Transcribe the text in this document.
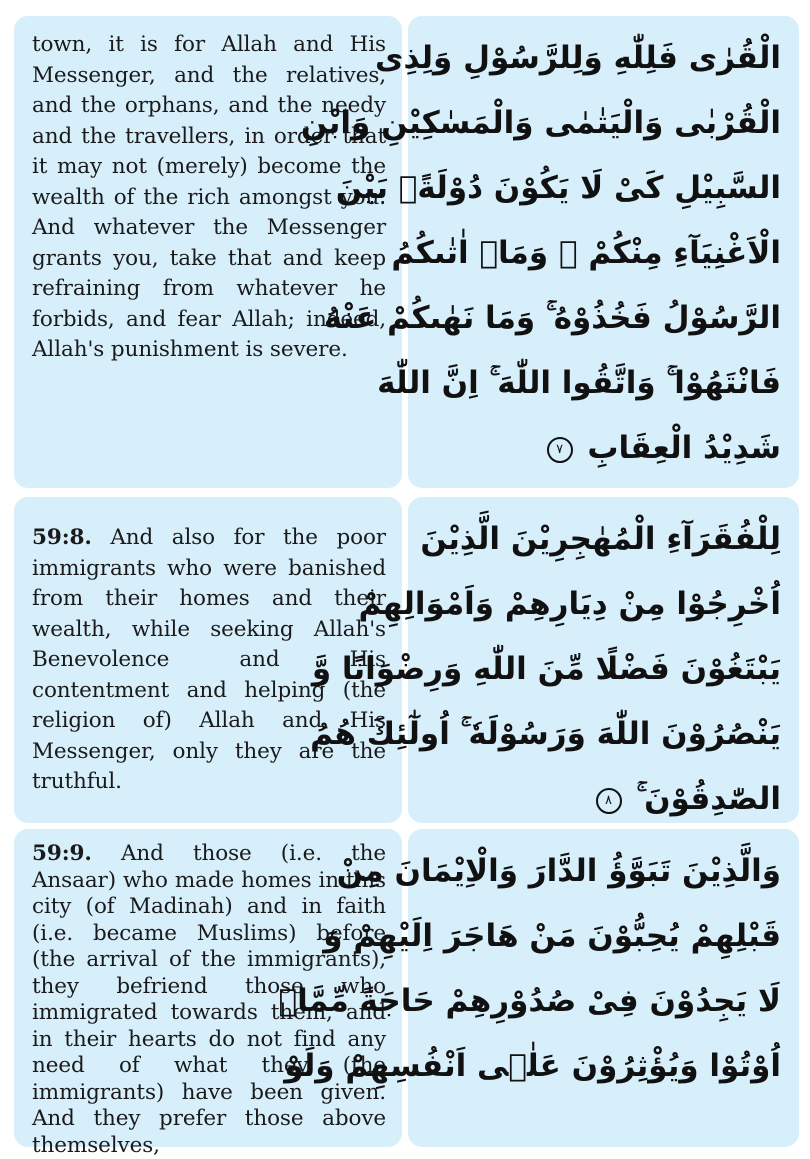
town, it is for Allah and His Messenger, and the relatives, and the orphans, and the needy and the travellers, in order that it may not (merely) become the wealth of the rich amongst you. And whatever the Messenger grants you, take that and keep refraining from whatever he forbids, and fear Allah; indeed, Allah's punishment is severe.
الْقُرٰى فَلِلّٰهِ وَلِلرَّسُوْلِ وَلِذِی
الْقُرْبٰى وَالْيَتٰمٰى وَالْمَسٰكِيْنِ وَابْنِ
السَّبِيْلِ كَیْ لَا يَكُوْنَ دُوْلَةًۢ بَيْنَ
الْاَغْنِيَآءِ مِنْكُمْ ۚ وَمَاۤ اٰتٰىكُمُ
الرَّسُوْلُ فَخُذُوْهُ ۚ وَمَا نَهٰىكُمْ عَنْهُ
فَانْتَهُوْا ۚ وَاتَّقُوا اللّٰهَ ۚ اِنَّ اللّٰهَ
شَدِيْدُ الْعِقَابِ ٧
59:8. And also for the poor immigrants who were banished from their homes and their wealth, while seeking Allah's Benevolence and His contentment and helping (the religion of) Allah and His Messenger, only they are the truthful.
لِلْفُقَرَآءِ الْمُهٰجِرِيْنَ الَّذِيْنَ
اُخْرِجُوْا مِنْ دِيَارِهِمْ وَاَمْوَالِهِمْ
يَبْتَغُوْنَ فَضْلًا مِّنَ اللّٰهِ وَرِضْوَانًا وَّ
يَنْصُرُوْنَ اللّٰهَ وَرَسُوْلَهٗ ۚ اُولٰٓئِكَ هُمُ
الصّٰدِقُوْنَ ۚ ٨
59:9. And those (i.e. the Ansaar) who made homes in this city (of Madinah) and in faith (i.e. became Muslims) before (the arrival of the immigrants), they befriend those who immigrated towards them, and in their hearts do not find any need of what they (the immigrants) have been given. And they prefer those above themselves,
وَالَّذِيْنَ تَبَوَّؤُ الدَّارَ وَالْاِيْمَانَ مِنْ
قَبْلِهِمْ يُحِبُّوْنَ مَنْ هَاجَرَ اِلَيْهِمْ وَ
لَا يَجِدُوْنَ فِیْ صُدُوْرِهِمْ حَاجَةً مِّمَّاۤ
اُوْتُوْا وَيُؤْثِرُوْنَ عَلٰۤى اَنْفُسِهِمْ وَلَوْ
